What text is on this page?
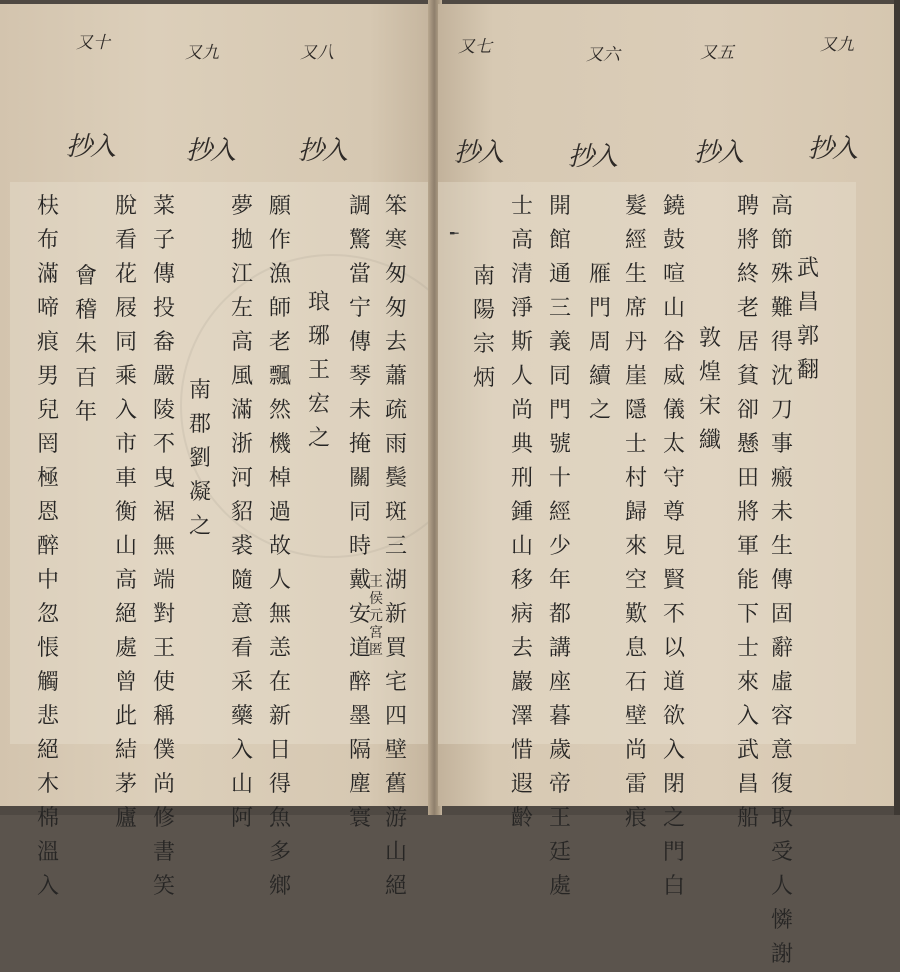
又十	又九	又八
抄入	抄入 抄入
笨
寒
匆
匆
去
蕭
疏
雨
鬓
斑
三
湖
新
買
宅
四
壁
舊
游
山
絕
調
驚
當
宁
傳
琴
未
掩
關
同
時
戴
安
道
醉
墨
隔
塵
寰
琅
琊
王
宏
之
願
作
漁
師
老
飄
然
機
棹
過
故
人
無
恙
在
新
日
得
魚
多
鄉
夢
拋
江
左
高
風
滿
浙
河
貂
裘
隨
意
看
采
藥
入
山
阿
南
郡
劉
凝
之
菜
子
傳
投
畚
嚴
陵
不
曳
裾
無
端
對
王
使
稱
僕
尚
修
書
笑
脫
看
花
屐
同
乘
入
市
車
衡
山
高
絕
處
曾
此
結
茅
廬
會
稽
朱
百
年
枎
布
滿
啼
痕
男
兒
罔
極
恩
醉
中
忽
悵
觸
悲
絕
木
棉
溫
入
王
侯
元
宮
匿
又九
又五
又六
又七
抄入
抄入
抄入
抄入
╾
武
昌
郭
翻
高
節
殊
難
得
沈
刀
事
瘢
未
生
傳
固
辭
虛
容
意
復
取
受
人
憐
謝
聘
將
終
老
居
貧
卻
懸
田
將
軍
能
下
士
來
入
武
昌
船
敦
煌
宋
纖
鐃
鼓
喧
山
谷
威
儀
太
守
尊
見
賢
不
以
道
欲
入
閉
之
門
白
髮
經
生
席
丹
崖
隱
士
村
歸
來
空
歎
息
石
壁
尚
雷
痕
雁
門
周
續
之
開
館
通
三
義
同
門
號
十
經
少
年
都
講
座
暮
歲
帝
王
廷
處
士
高
清
淨
斯
人
尚
典
刑
鍾
山
移
病
去
巖
澤
惜
遐
齡
南
陽
宗
炳
